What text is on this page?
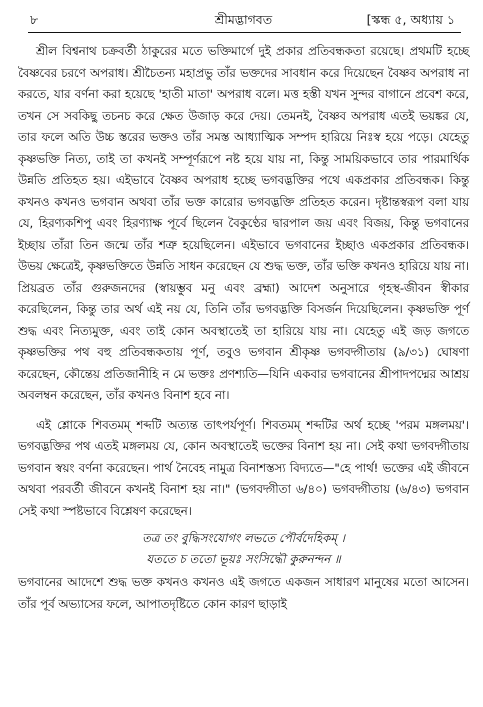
৮	শ্রীমদ্ভাগবত	[স্কন্ধ ৫, অধ্যায় ১

শ্রীল বিশ্বনাথ চক্রবর্তী ঠাকুরের মতে ভক্তিমার্গে দুই প্রকার প্রতিবন্ধকতা রয়েছে। প্রথমটি হচ্ছে বৈষ্ণবের চরণে অপরাধ। শ্রীচৈতন্য মহাপ্রভু তাঁর ভক্তদের সাবধান করে দিয়েছেন বৈষ্ণব অপরাধ না করতে, যার বর্ণনা করা হয়েছে 'হাতী মাতা' অপরাধ বলে। মত্ত হস্তী যখন সুন্দর বাগানে প্রবেশ করে, তখন সে সবকিছু তচনচ করে ক্ষেত উজাড় করে দেয়। তেমনই, বৈষ্ণব অপরাধ এতই ভয়ঙ্কর যে, তার ফলে অতি উচ্চ স্তরের ভক্তও তাঁর সমস্ত আধ্যাত্মিক সম্পদ হারিয়ে নিঃস্ব হয়ে পড়ে। যেহেতু কৃষ্ণভক্তি নিত্য, তাই তা কখনই সম্পূর্ণরূপে নষ্ট হয়ে যায় না, কিন্তু সাময়িকভাবে তার পারমার্থিক উন্নতি প্রতিহত হয়। এইভাবে বৈষ্ণব অপরাধ হচ্ছে ভগবদ্ভক্তির পথে একপ্রকার প্রতিবন্ধক। কিন্তু কখনও কখনও ভগবান অথবা তাঁর ভক্ত কারোর ভগবদ্ভক্তি প্রতিহত করেন। দৃষ্টান্তস্বরূপ বলা যায় যে, হিরণ্যকশিপু এবং হিরণ্যাক্ষ পূর্বে ছিলেন বৈকুণ্ঠের দ্বারপাল জয় এবং বিজয়, কিন্তু ভগবানের ইচ্ছায় তাঁরা তিন জন্মে তাঁর শত্রু হয়েছিলেন। এইভাবে ভগবানের ইচ্ছাও একপ্রকার প্রতিবন্ধক। উভয় ক্ষেত্রেই, কৃষ্ণভক্তিতে উন্নতি সাধন করেছেন যে শুদ্ধ ভক্ত, তাঁর ভক্তি কখনও হারিয়ে যায় না। প্রিয়ব্রত তাঁর গুরুজনদের (স্বায়ম্ভুব মনু এবং ব্রহ্মা) আদেশ অনুসারে গৃহস্থ-জীবন স্বীকার করেছিলেন, কিন্তু তার অর্থ এই নয় যে, তিনি তাঁর ভগবদ্ভক্তি বিসর্জন দিয়েছিলেন। কৃষ্ণভক্তি পূর্ণ শুদ্ধ এবং নিত্যমুক্ত, এবং তাই কোন অবস্থাতেই তা হারিয়ে যায় না। যেহেতু এই জড় জগতে কৃষ্ণভক্তির পথ বহু প্রতিবন্ধকতায় পূর্ণ, তবুও ভগবান শ্রীকৃষ্ণ ভগবদ্গীতায় (৯/৩১) ঘোষণা করেছেন, কৌন্তেয় প্রতিজানীহি ন মে ভক্তঃ প্রণশ্যতি—যিনি একবার ভগবানের শ্রীপাদপদ্মের আশ্রয় অবলম্বন করেছেন, তাঁর কখনও বিনাশ হবে না।

এই শ্লোকে শিবতমম্‌ শব্দটি অত্যন্ত তাৎপর্যপূর্ণ। শিবতমম্‌ শব্দটির অর্থ হচ্ছে 'পরম মঙ্গলময়'। ভগবদ্ভক্তির পথ এতই মঙ্গলময় যে, কোন অবস্থাতেই ভক্তের বিনাশ হয় না। সেই কথা ভগবদ্গীতায় ভগবান স্বয়ং বর্ণনা করেছেন। পার্থ নৈবেহ নামুত্র বিনাশস্তস্য বিদ্যতে—"হে পার্থ! ভক্তের এই জীবনে অথবা পরবর্তী জীবনে কখনই বিনাশ হয় না।" (ভগবদ্গীতা ৬/৪০) ভগবদ্গীতায় (৬/৪৩) ভগবান সেই কথা স্পষ্টভাবে বিশ্লেষণ করেছেন।

তত্র তং বুদ্ধিসংযোগং লভতে পৌর্বদেহিকম্‌ ।
যততে চ ততো ভূয়ঃ সংসিদ্ধৌ কুরুনন্দন ॥

ভগবানের আদেশে শুদ্ধ ভক্ত কখনও কখনও এই জগতে একজন সাধারণ মানুষের মতো আসেন। তাঁর পূর্ব অভ্যাসের ফলে, আপাতদৃষ্টিতে কোন কারণ ছাড়াই
